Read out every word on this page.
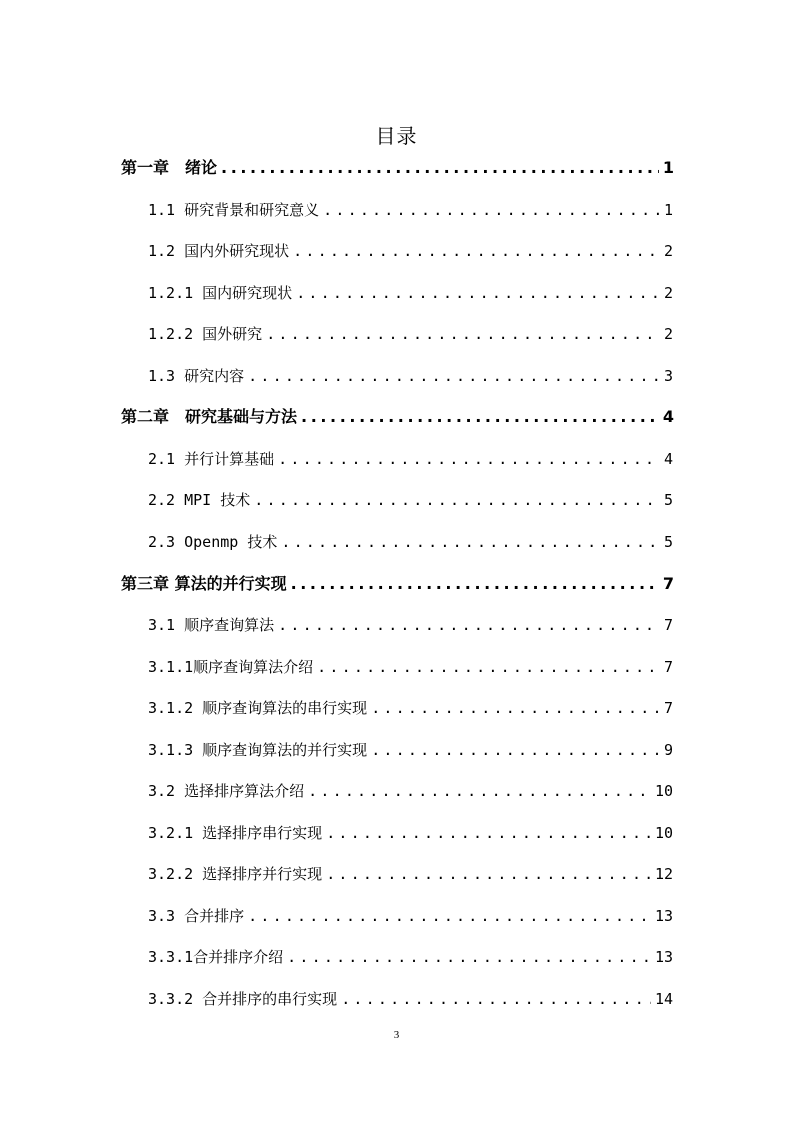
目录
第一章　绪论 .....	1
1.1 研究背景和研究意义 .....	1
1.2 国内外研究现状 .....	2
1.2.1 国内研究现状 .....	2
1.2.2 国外研究 .....	2
1.3 研究内容 .....	3
第二章　研究基础与方法 .....	4
2.1 并行计算基础 .....	4
2.2 MPI 技术 .....	5
2.3 Openmp 技术 .....	5
第三章 算法的并行实现 .....	7
3.1 顺序查询算法 .....	7
3.1.1顺序查询算法介绍 .....	7
3.1.2 顺序查询算法的串行实现 .....	7
3.1.3 顺序查询算法的并行实现 .....	9
3.2 选择排序算法介绍 .....	10
3.2.1 选择排序串行实现 .....	10
3.2.2 选择排序并行实现 .....	12
3.3 合并排序 .....	13
3.3.1合并排序介绍 .....	13
3.3.2 合并排序的串行实现 .....	14
3
